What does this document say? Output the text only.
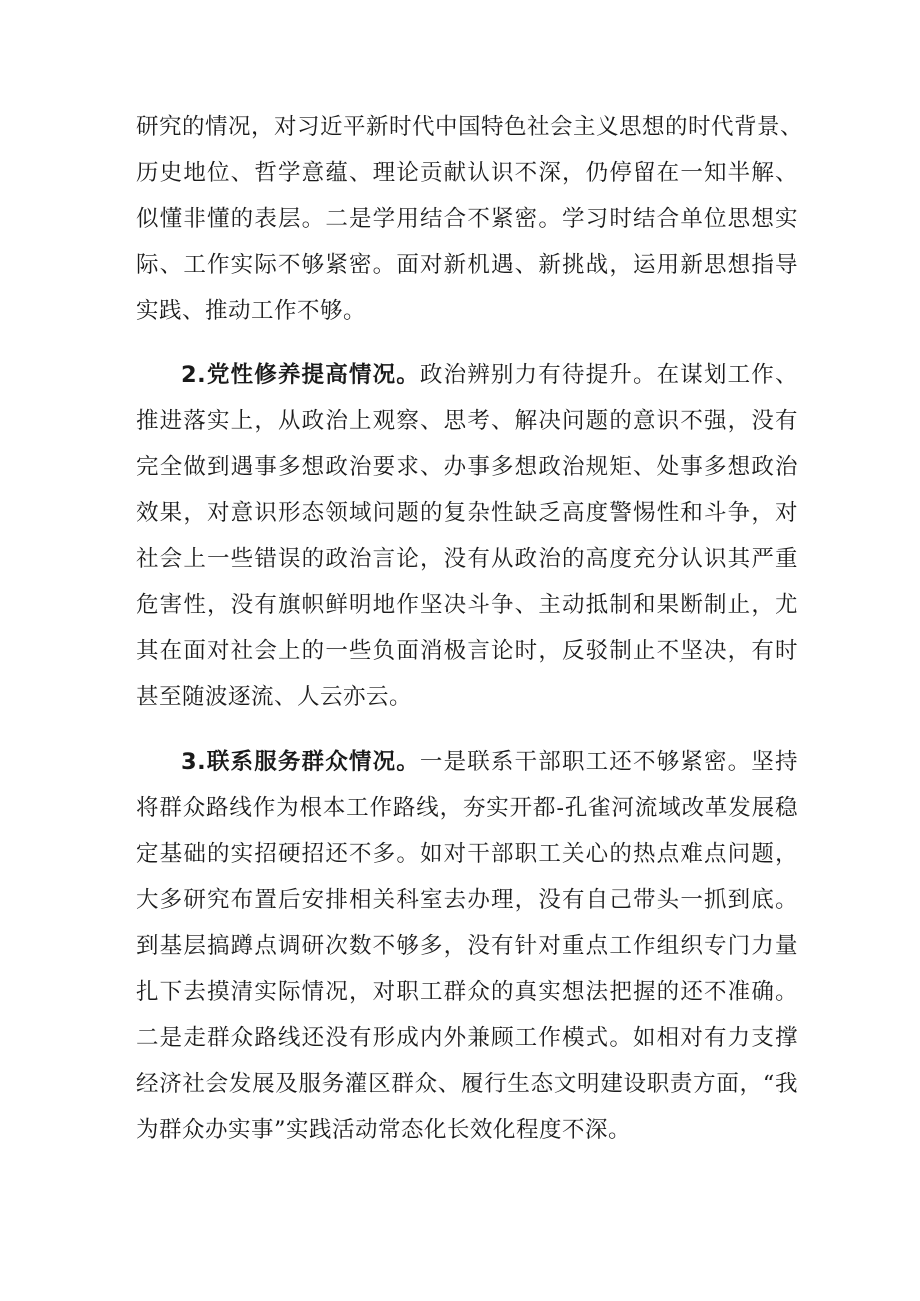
研究的情况，对习近平新时代中国特色社会主义思想的时代背景、
历史地位、哲学意蕴、理论贡献认识不深，仍停留在一知半解、
似懂非懂的表层。二是学用结合不紧密。学习时结合单位思想实
际、工作实际不够紧密。面对新机遇、新挑战，运用新思想指导
实践、推动工作不够。
2.党性修养提高情况。政治辨别力有待提升。在谋划工作、
推进落实上，从政治上观察、思考、解决问题的意识不强，没有
完全做到遇事多想政治要求、办事多想政治规矩、处事多想政治
效果，对意识形态领域问题的复杂性缺乏高度警惕性和斗争，对
社会上一些错误的政治言论，没有从政治的高度充分认识其严重
危害性，没有旗帜鲜明地作坚决斗争、主动抵制和果断制止，尤
其在面对社会上的一些负面消极言论时，反驳制止不坚决，有时
甚至随波逐流、人云亦云。
3.联系服务群众情况。一是联系干部职工还不够紧密。坚持
将群众路线作为根本工作路线，夯实开都-孔雀河流域改革发展稳
定基础的实招硬招还不多。如对干部职工关心的热点难点问题，
大多研究布置后安排相关科室去办理，没有自己带头一抓到底。
到基层搞蹲点调研次数不够多，没有针对重点工作组织专门力量
扎下去摸清实际情况，对职工群众的真实想法把握的还不准确。
二是走群众路线还没有形成内外兼顾工作模式。如相对有力支撑
经济社会发展及服务灌区群众、履行生态文明建设职责方面，“我
为群众办实事”实践活动常态化长效化程度不深。
